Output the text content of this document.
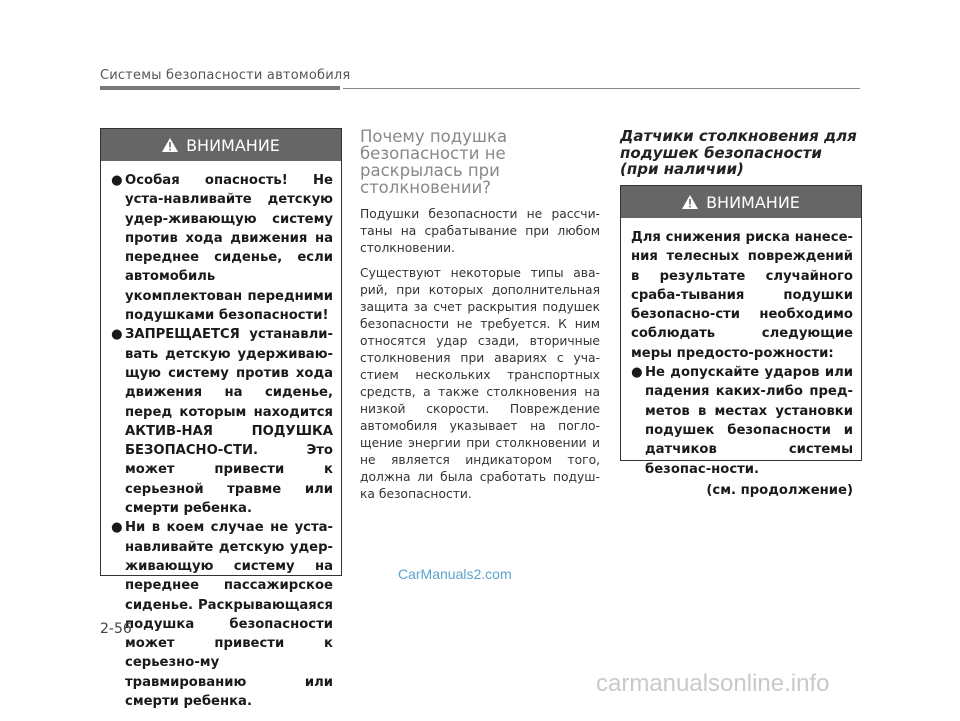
Системы безопасности автомобиля
ВНИМАНИЕ
● Особая опасность! Не уста-навливайте детскую удер-живающую систему против хода движения на переднее сиденье, если автомобиль укомплектован передними подушками безопасности!
● ЗАПРЕЩАЕТСЯ устанавли-вать детскую удерживаю-щую систему против хода движения на сиденье, перед которым находится АКТИВ-НАЯ ПОДУШКА БЕЗОПАСНО-СТИ. Это может привести к серьезной травме или смерти ребенка.
● Ни в коем случае не уста-навливайте детскую удер-живающую систему на переднее пассажирское сиденье. Раскрывающаяся подушка безопасности может привести к серьезно-му травмированию или смерти ребенка.
Почему подушка безопасности не раскрылась при столкновении?

Подушки безопасности не рассчи-таны на срабатывание при любом столкновении.

Существуют некоторые типы ава-рий, при которых дополнительная защита за счет раскрытия подушек безопасности не требуется. К ним относятся удар сзади, вторичные столкновения при авариях с уча-стием нескольких транспортных средств, а также столкновения на низкой скорости. Повреждение автомобиля указывает на погло-щение энергии при столкновении и не является индикатором того, должна ли была сработать подуш-ка безопасности.

Датчики столкновения для подушек безопасности (при наличии)
ВНИМАНИЕ

Для снижения риска нанесе-ния телесных повреждений в результате случайного сраба-тывания подушки безопасно-сти необходимо соблюдать следующие меры предосто-рожности:

● Не допускайте ударов или падения каких-либо пред-метов в местах установки подушек безопасности и датчиков системы безопас-ности.
(см. продолжение)
CarManuals2.com
2-56
carmanualsonline.info
